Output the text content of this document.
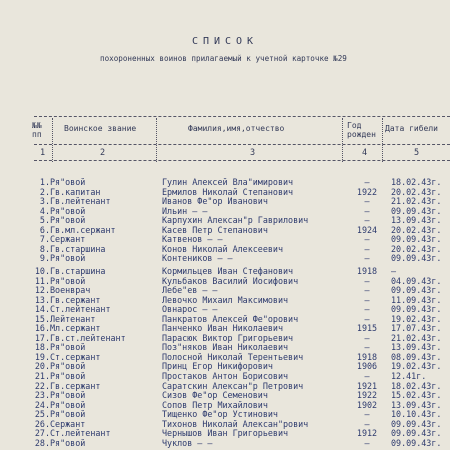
СПИСОК
похороненных воинов прилагаемый к учетной карточке №29
№№ пп
Воинское звание	Фамилия,имя,отчество	Год рожден
Дата гибели
1	2	3	4	5
1. Ря"овой	Гулин Алексей Вла"имирович	–	18.02.43г.
2. Гв.капитан	Ермилов Николай Степанович	1922	20.02.43г.
3. Гв.лейтенант	Иванов Фе"ор Иванович	–	21.02.43г.
4. Ря"овой	Ильин – –	–	09.09.43г.
5. Ря"овой	Карпухин Алексан"р Гаврилович	–	13.09.43г.
6. Гв.мл.сержант	Касев Петр Степанович	1924	20.02.43г.
7. Сержант	Катвенов – –	–	09.09.43г.
8. Гв.старшина	Конов Николай Алексеевич	–	20.02.43г.
9. Ря"овой	Контеников – –	–	09.09.43г.
10. Гв.старшина	Кормильцев Иван Стефанович	1918	–
11. Ря"овой	Кульбаков Василий Иосифович	–	04.09.43г.
12. Военврач	Лебе"ев – –	–	09.09.43г.
13. Гв.сержант	Левочко Михаил Максимович	–	11.09.43г.
14. Ст.лейтенант	Овнарос – –	–	09.09.43г.
15. Лейтенант	Панкратов Алексей Фе"орович	–	19.02.43г.
16. Мл.сержант	Панченко Иван Николаевич	1915	17.07.43г.
17. Гв.ст.лейтенант	Парасюк Виктор Григорьевич	–	21.02.43г.
18. Ря"овой	Поз"няков Иван Николаевич	–	13.09.43г.
19. Ст.сержант	Полосной Николай Терентьевич	1918	08.09.43г.
20. Ря"овой	Принц Егор Никифорович	1906	19.02.43г.
21. Ря"овой	Простаков Антон Борисович	–	12.41г.
22. Гв.сержант	Саратскин Алексан"р Петрович	1921	18.02.43г.
23. Ря"овой	Сизов Фе"ор Семенович	1922	15.02.43г.
24. Ря"овой	Сопов Петр Михайлович	1902	13.09.43г.
25. Ря"овой	Тищенко Фе"ор Устинович	–	10.10.43г.
26. Сержант	Тихонов Николай Алексан"рович	–	09.09.43г.
27. Ст.лейтенант	Чернышов Иван Григорьевич	1912	09.09.43г.
28. Ря"овой	Чуклов – –	–	09.09.43г.
